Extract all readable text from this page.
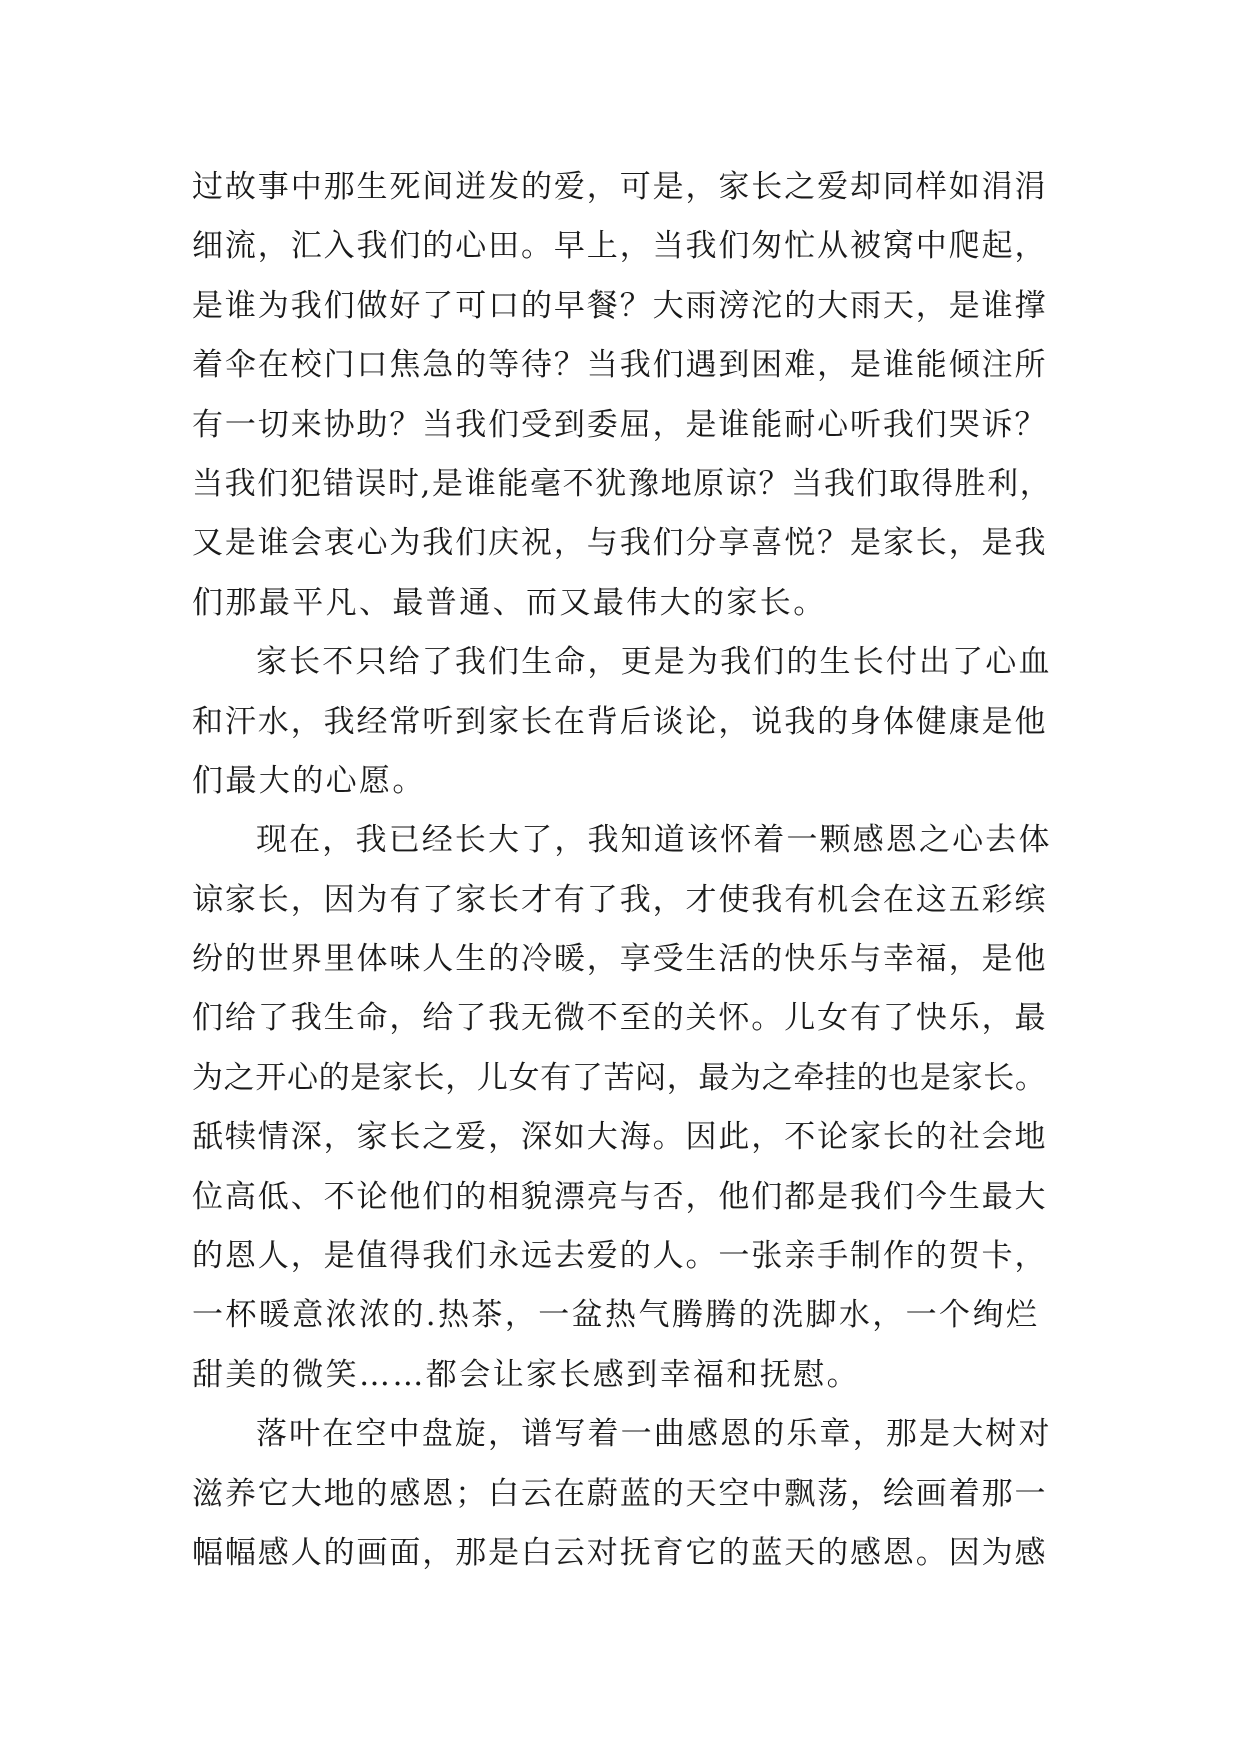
过故事中那生死间迸发的爱，可是，家长之爱却同样如涓涓
细流，汇入我们的心田。早上，当我们匆忙从被窝中爬起，
是谁为我们做好了可口的早餐？大雨滂沱的大雨天，是谁撑
着伞在校门口焦急的等待？当我们遇到困难，是谁能倾注所
有一切来协助？当我们受到委屈，是谁能耐心听我们哭诉？
当我们犯错误时,是谁能毫不犹豫地原谅？当我们取得胜利，
又是谁会衷心为我们庆祝，与我们分享喜悦？是家长，是我
们那最平凡、最普通、而又最伟大的家长。
家长不只给了我们生命，更是为我们的生长付出了心血
和汗水，我经常听到家长在背后谈论，说我的身体健康是他
们最大的心愿。
现在，我已经长大了，我知道该怀着一颗感恩之心去体
谅家长，因为有了家长才有了我，才使我有机会在这五彩缤
纷的世界里体味人生的冷暖，享受生活的快乐与幸福，是他
们给了我生命，给了我无微不至的关怀。儿女有了快乐，最
为之开心的是家长，儿女有了苦闷，最为之牵挂的也是家长。
舐犊情深，家长之爱，深如大海。因此，不论家长的社会地
位高低、不论他们的相貌漂亮与否，他们都是我们今生最大
的恩人，是值得我们永远去爱的人。一张亲手制作的贺卡，
一杯暖意浓浓的.热茶，一盆热气腾腾的洗脚水，一个绚烂
甜美的微笑……都会让家长感到幸福和抚慰。
落叶在空中盘旋，谱写着一曲感恩的乐章，那是大树对
滋养它大地的感恩；白云在蔚蓝的天空中飘荡，绘画着那一
幅幅感人的画面，那是白云对抚育它的蓝天的感恩。因为感
